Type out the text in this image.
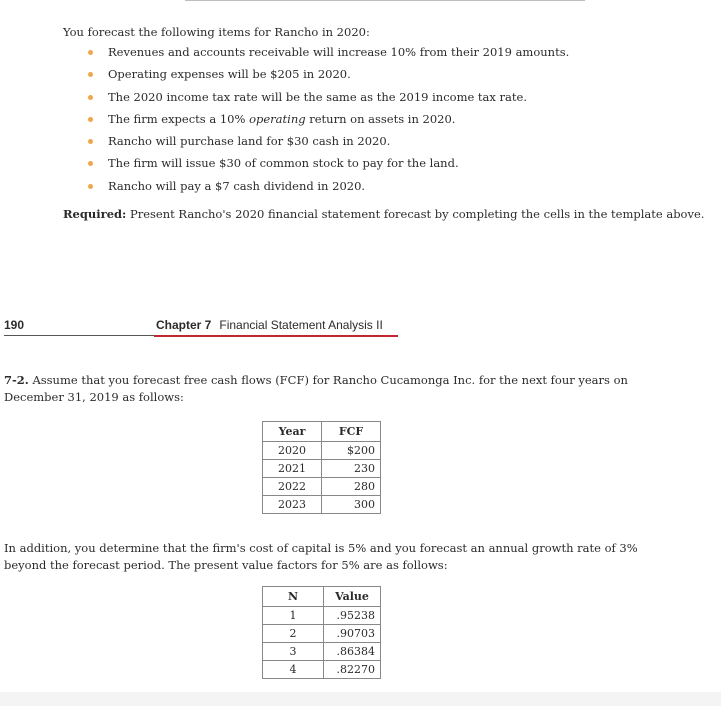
You forecast the following items for Rancho in 2020:
Revenues and accounts receivable will increase 10% from their 2019 amounts.
Operating expenses will be $205 in 2020.
The 2020 income tax rate will be the same as the 2019 income tax rate.
The firm expects a 10% operating return on assets in 2020.
Rancho will purchase land for $30 cash in 2020.
The firm will issue $30 of common stock to pay for the land.
Rancho will pay a $7 cash dividend in 2020.
Required: Present Rancho's 2020 financial statement forecast by completing the cells in the template above.
190	Chapter 7 Financial Statement Analysis II
7-2. Assume that you forecast free cash flows (FCF) for Rancho Cucamonga Inc. for the next four years on December 31, 2019 as follows:
Year	FCF
2020	$200
2021	230
2022	280
2023	300
In addition, you determine that the firm's cost of capital is 5% and you forecast an annual growth rate of 3% beyond the forecast period. The present value factors for 5% are as follows:
N	Value
1	.95238
2	.90703
3	.86384
4	.82270
